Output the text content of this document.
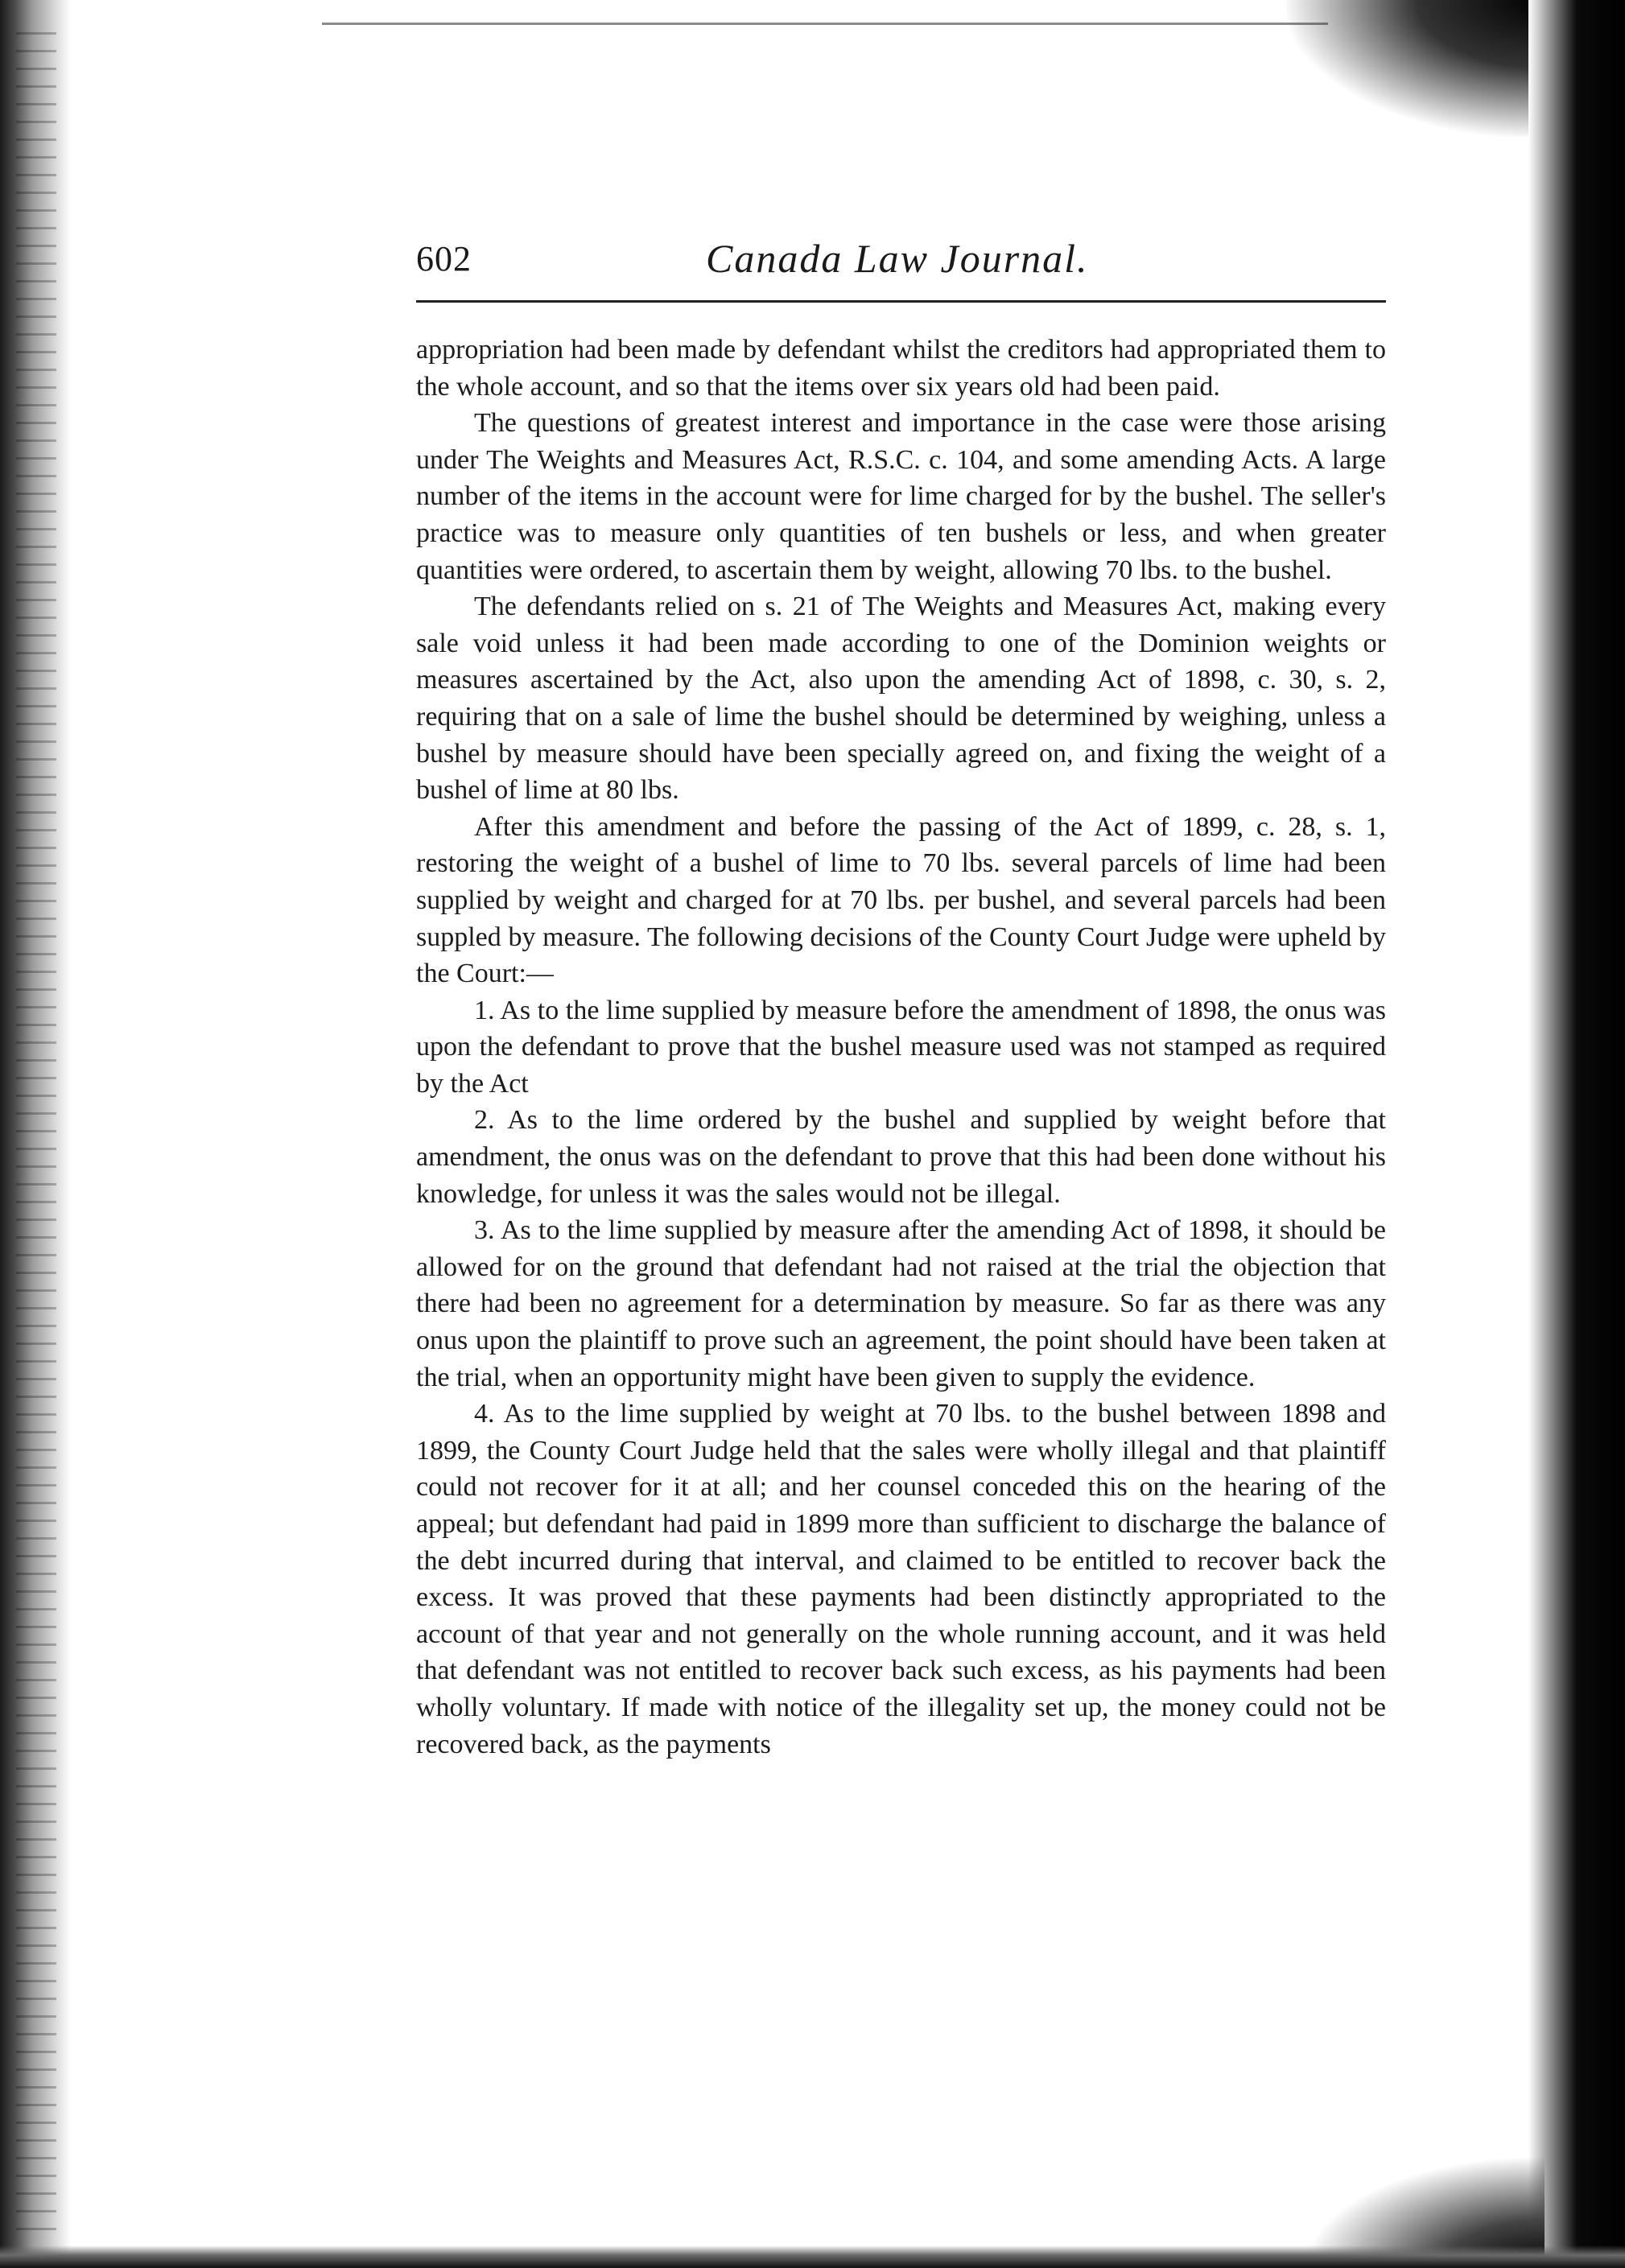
602	Canada Law Journal.

appropriation had been made by defendant whilst the creditors had appropriated them to the whole account, and so that the items over six years old had been paid.

The questions of greatest interest and importance in the case were those arising under The Weights and Measures Act, R.S.C. c. 104, and some amending Acts. A large number of the items in the account were for lime charged for by the bushel. The seller's practice was to measure only quantities of ten bushels or less, and when greater quantities were ordered, to ascertain them by weight, allowing 70 lbs. to the bushel.

The defendants relied on s. 21 of The Weights and Measures Act, making every sale void unless it had been made according to one of the Dominion weights or measures ascertained by the Act, also upon the amending Act of 1898, c. 30, s. 2, requiring that on a sale of lime the bushel should be determined by weighing, unless a bushel by measure should have been specially agreed on, and fixing the weight of a bushel of lime at 80 lbs.

After this amendment and before the passing of the Act of 1899, c. 28, s. 1, restoring the weight of a bushel of lime to 70 lbs. several parcels of lime had been supplied by weight and charged for at 70 lbs. per bushel, and several parcels had been suppled by measure. The following decisions of the County Court Judge were upheld by the Court:—

1. As to the lime supplied by measure before the amendment of 1898, the onus was upon the defendant to prove that the bushel measure used was not stamped as required by the Act

2. As to the lime ordered by the bushel and supplied by weight before that amendment, the onus was on the defendant to prove that this had been done without his knowledge, for unless it was the sales would not be illegal.

3. As to the lime supplied by measure after the amending Act of 1898, it should be allowed for on the ground that defendant had not raised at the trial the objection that there had been no agreement for a determination by measure. So far as there was any onus upon the plaintiff to prove such an agreement, the point should have been taken at the trial, when an opportunity might have been given to supply the evidence.

4. As to the lime supplied by weight at 70 lbs. to the bushel between 1898 and 1899, the County Court Judge held that the sales were wholly illegal and that plaintiff could not recover for it at all; and her counsel conceded this on the hearing of the appeal; but defendant had paid in 1899 more than sufficient to discharge the balance of the debt incurred during that interval, and claimed to be entitled to recover back the excess. It was proved that these payments had been distinctly appropriated to the account of that year and not generally on the whole running account, and it was held that defendant was not entitled to recover back such excess, as his payments had been wholly voluntary. If made with notice of the illegality set up, the money could not be recovered back, as the payments
